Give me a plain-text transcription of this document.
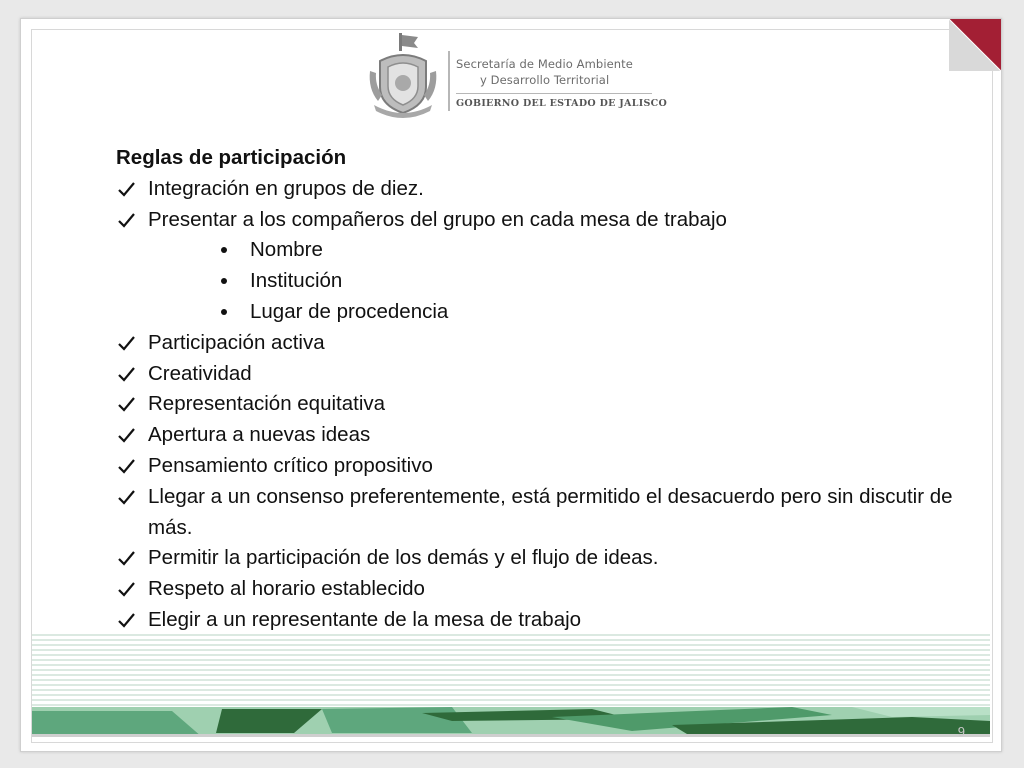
Secretaría de Medio Ambiente
y Desarrollo Territorial
GOBIERNO DEL ESTADO DE JALISCO

Reglas de participación

Integración en grupos de diez.
Presentar a los compañeros del grupo en cada mesa de trabajo
Nombre
Institución
Lugar de procedencia
Participación activa
Creatividad
Representación equitativa
Apertura a nuevas ideas
Pensamiento crítico propositivo
Llegar a un consenso preferentemente, está permitido el desacuerdo pero sin discutir de más.
Permitir la participación de los demás y el flujo de ideas.
Respeto al horario establecido
Elegir a un representante de la mesa de trabajo
9
